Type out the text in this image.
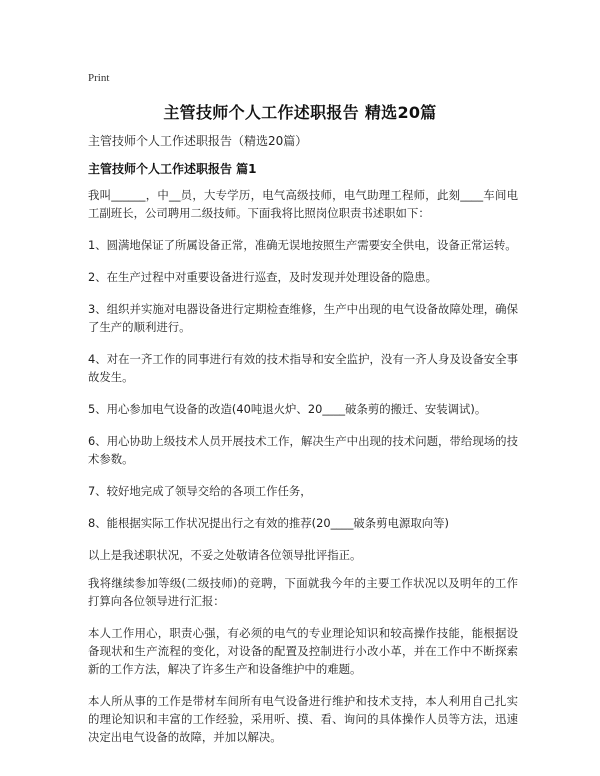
Print
主管技师个人工作述职报告 精选20篇

主管技师个人工作述职报告（精选20篇）

主管技师个人工作述职报告 篇1

我叫______，中__员，大专学历，电气高级技师，电气助理工程师，此刻____车间电工副班长，公司聘用二级技师。下面我将比照岗位职责书述职如下：

1、圆满地保证了所属设备正常，准确无误地按照生产需要安全供电，设备正常运转。

2、在生产过程中对重要设备进行巡查，及时发现并处理设备的隐患。

3、组织并实施对电器设备进行定期检查维修，生产中出现的电气设备故障处理，确保了生产的顺利进行。

4、对在一齐工作的同事进行有效的技术指导和安全监护，没有一齐人身及设备安全事故发生。

5、用心参加电气设备的改造(40吨退火炉、20____破条剪的搬迁、安装调试)。

6、用心协助上级技术人员开展技术工作，解决生产中出现的技术问题，带给现场的技术参数。

7、较好地完成了领导交给的各项工作任务，

8、能根据实际工作状况提出行之有效的推荐(20____破条剪电源取向等)

以上是我述职状况，不妥之处敬请各位领导批评指正。

我将继续参加等级(二级技师)的竞聘，下面就我今年的主要工作状况以及明年的工作打算向各位领导进行汇报：

本人工作用心，职责心强，有必须的电气的专业理论知识和较高操作技能，能根据设备现状和生产流程的变化，对设备的配置及控制进行小改小革，并在工作中不断探索新的工作方法，解决了许多生产和设备维护中的难题。

本人所从事的工作是带材车间所有电气设备进行维护和技术支持，本人利用自己扎实的理论知识和丰富的工作经验，采用听、摸、看、询问的具体操作人员等方法，迅速决定出电气设备的故障，并加以解决。
